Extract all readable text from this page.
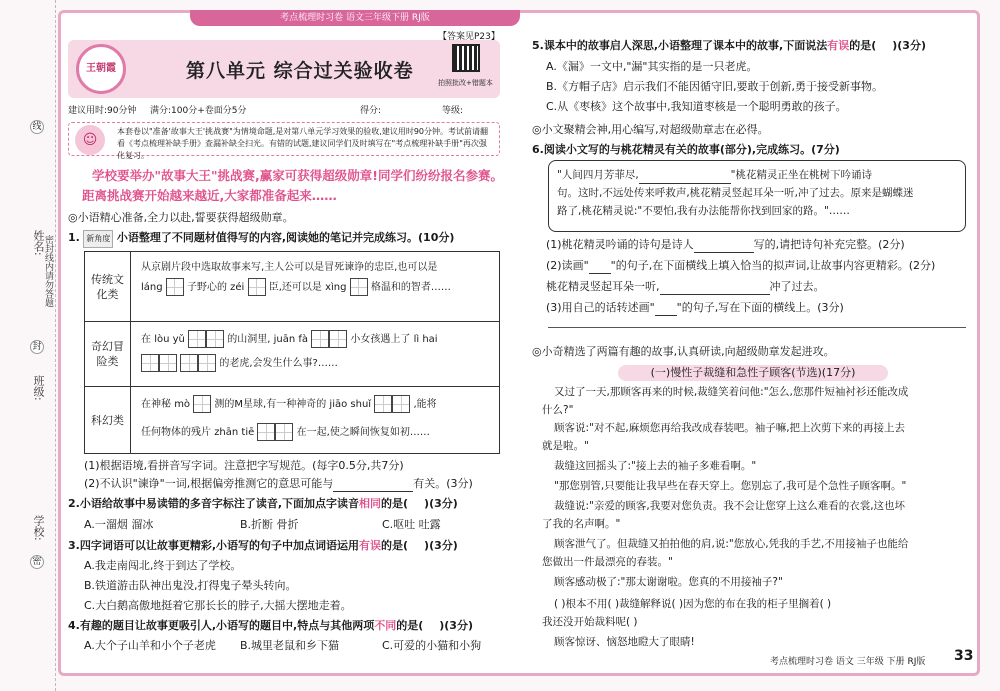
姓名:
班级:
学校:
密封线内请勿答题
线
封
密
考点梳理时习卷 语文三年级下册 RJ版
王朝霞	第八单元 综合过关验收卷
【答案见P23】
拍照批改+错题本
建议用时:90分钟 满分:100分+卷面分5分	得分:	等级:
☺
本套卷以"准备'故事大王'挑战赛"为情境命题,是对第八单元学习效果的验收,建议用时90分钟。考试前请翻看《考点梳理补缺手册》查漏补缺全扫光。有错的试题,建议同学们及时填写在"考点梳理补缺手册"再次强化复习。
学校要举办"故事大王"挑战赛,赢家可获得超级勋章!同学们纷纷报名参赛。
距离挑战赛开始越来越近,大家都准备起来……
◎小语精心准备,全力以赴,誓要获得超级勋章。
1. 新角度 小语整理了不同题材值得写的内容,阅读她的笔记并完成练习。(10分)
传统文化类
从京剧片段中选取故事来写,主人公可以是冒死谏诤的忠臣,也可以是
láng 子野心的 zéi 臣,还可以是 xìng 格温和的智者……
奇幻冒险类
在 lòu yǔ	的山洞里, juān fà	小女孩遇上了 lì hai
的老虎,会发生什么事?……
科幻类
在神秘 mò 测的M星球,有一种神奇的 jiāo shuǐ	,能将
任何物体的残片 zhān tiē	在一起,使之瞬间恢复如初……
(1)根据语境,看拼音写字词。注意把字写规范。(每字0.5分,共7分)
(2)不认识"谏诤"一词,根据偏旁推测它的意思可能与	有关。(3分)
2.小语给故事中易读错的多音字标注了读音,下面加点字读音相同的是( )(3分)
A.一溜烟 溜冰	B.折断 骨折	C.呕吐 吐露
3.四字词语可以让故事更精彩,小语写的句子中加点词语运用有误的是( )(3分)
A.我走南闯北,终于到达了学校。
B.铁道游击队神出鬼没,打得鬼子晕头转向。
C.大白鹅高傲地挺着它那长长的脖子,大摇大摆地走着。
4.有趣的题目让故事更吸引人,小语写的题目中,特点与其他两项不同的是( )(3分)
A.大个子山羊和小个子老虎 B.城里老鼠和乡下猫	C.可爱的小猫和小狗
5.课本中的故事启人深思,小语整理了课本中的故事,下面说法有误的是( )(3分)
A.《漏》一文中,"漏"其实指的是一只老虎。
B.《方帽子店》启示我们不能因循守旧,要敢于创新,勇于接受新事物。
C.从《枣核》这个故事中,我知道枣核是一个聪明勇敢的孩子。
◎小文聚精会神,用心编写,对超级勋章志在必得。
6.阅读小文写的与桃花精灵有关的故事(部分),完成练习。(7分)
"人间四月芳菲尽,	"桃花精灵正坐在桃树下吟诵诗
句。这时,不远处传来呼救声,桃花精灵竖起耳朵一听,冲了过去。原来是蝴蝶迷
路了,桃花精灵说:"不要怕,我有办法能帮你找到回家的路。"……
(1)桃花精灵吟诵的诗句是诗人	写的,请把诗句补充完整。(2分)
(2)读画" "的句子,在下面横线上填入恰当的拟声词,让故事内容更精彩。(2分)
桃花精灵竖起耳朵一听,	冲了过去。
(3)用自己的话转述画" "的句子,写在下面的横线上。(3分)
◎小奇精选了两篇有趣的故事,认真研读,向超级勋章发起进攻。
(一)慢性子裁缝和急性子顾客(节选)(17分)
又过了一天,那顾客再来的时候,裁缝笑着问他:"怎么,您那件短袖衬衫还能改成
什么?"
顾客说:"对不起,麻烦您再给我改成春装吧。袖子嘛,把上次剪下来的再接上去
就是啦。"
裁缝这回摇头了:"接上去的袖子多难看啊。"
"那您别管,只要能让我早些在春天穿上。您别忘了,我可是个急性子顾客啊。"
裁缝说:"亲爱的顾客,我要对您负责。我不会让您穿上这么难看的衣裳,这也坏
了我的名声啊。"
顾客泄气了。但裁缝又拍拍他的肩,说:"您放心,凭我的手艺,不用接袖子也能给
您做出一件最漂亮的春装。"
顾客感动极了:"那太谢谢啦。您真的不用接袖子?"
( )根本不用( )裁缝解释说( )因为您的布在我的柜子里搁着( )
我还没开始裁料呢( )
顾客惊讶、恼怒地瞪大了眼睛!
考点梳理时习卷 语文 三年级 下册 RJ版 33
